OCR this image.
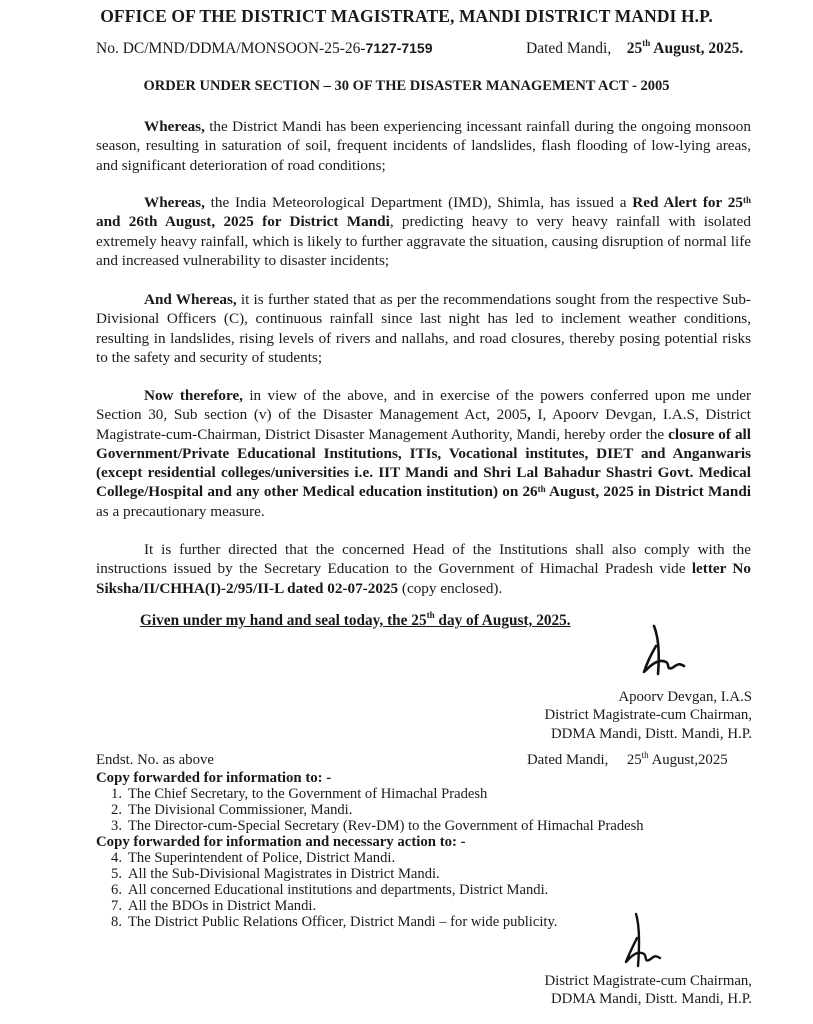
OFFICE OF THE DISTRICT MAGISTRATE, MANDI DISTRICT MANDI H.P.
No. DC/MND/DDMA/MONSOON-25-26-7127-7159	Dated Mandi, 25th August, 2025.
ORDER UNDER SECTION – 30 OF THE DISASTER MANAGEMENT ACT - 2005
Whereas, the District Mandi has been experiencing incessant rainfall during the ongoing monsoon season, resulting in saturation of soil, frequent incidents of landslides, flash flooding of low-lying areas, and significant deterioration of road conditions;
Whereas, the India Meteorological Department (IMD), Shimla, has issued a Red Alert for 25th and 26th August, 2025 for District Mandi, predicting heavy to very heavy rainfall with isolated extremely heavy rainfall, which is likely to further aggravate the situation, causing disruption of normal life and increased vulnerability to disaster incidents;
And Whereas, it is further stated that as per the recommendations sought from the respective Sub-Divisional Officers (C), continuous rainfall since last night has led to inclement weather conditions, resulting in landslides, rising levels of rivers and nallahs, and road closures, thereby posing potential risks to the safety and security of students;
Now therefore, in view of the above, and in exercise of the powers conferred upon me under Section 30, Sub section (v) of the Disaster Management Act, 2005, I, Apoorv Devgan, I.A.S, District Magistrate-cum-Chairman, District Disaster Management Authority, Mandi, hereby order the closure of all Government/Private Educational Institutions, ITIs, Vocational institutes, DIET and Anganwaris (except residential colleges/universities i.e. IIT Mandi and Shri Lal Bahadur Shastri Govt. Medical College/Hospital and any other Medical education institution) on 26th August, 2025 in District Mandi as a precautionary measure.
It is further directed that the concerned Head of the Institutions shall also comply with the instructions issued by the Secretary Education to the Government of Himachal Pradesh vide letter No Siksha/II/CHHA(I)-2/95/II-L dated 02-07-2025 (copy enclosed).
Given under my hand and seal today, the 25th day of August, 2025.
Apoorv Devgan, I.A.S
District Magistrate-cum Chairman,
DDMA Mandi, Distt. Mandi, H.P.
Endst. No. as above	Dated Mandi, 25th August,2025
Copy forwarded for information to: -
1. The Chief Secretary, to the Government of Himachal Pradesh
2. The Divisional Commissioner, Mandi.
3. The Director-cum-Special Secretary (Rev-DM) to the Government of Himachal Pradesh
Copy forwarded for information and necessary action to: -
4. The Superintendent of Police, District Mandi.
5. All the Sub-Divisional Magistrates in District Mandi.
6. All concerned Educational institutions and departments, District Mandi.
7. All the BDOs in District Mandi.
8. The District Public Relations Officer, District Mandi – for wide publicity.
District Magistrate-cum Chairman,
DDMA Mandi, Distt. Mandi, H.P.
